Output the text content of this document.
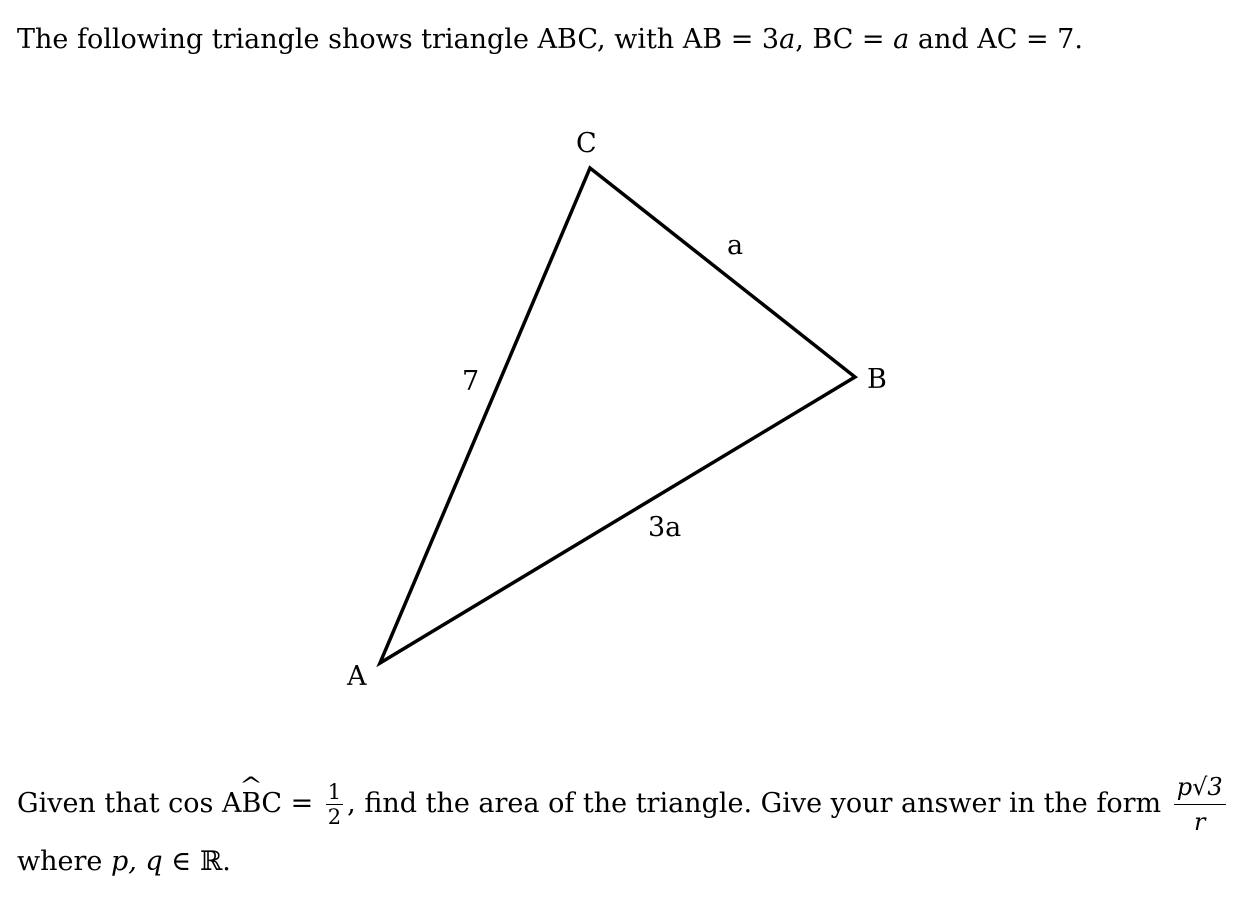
The following triangle shows triangle ABC, with AB = 3a, BC = a and AC = 7.
A
B
C
7
a
3a
Given that cos A^ BC = $\frac{1}{2}$ , find the area of the triangle. Give your answer in the form $\frac{p√3}{r}$
where p, q ∈ ℝ.
